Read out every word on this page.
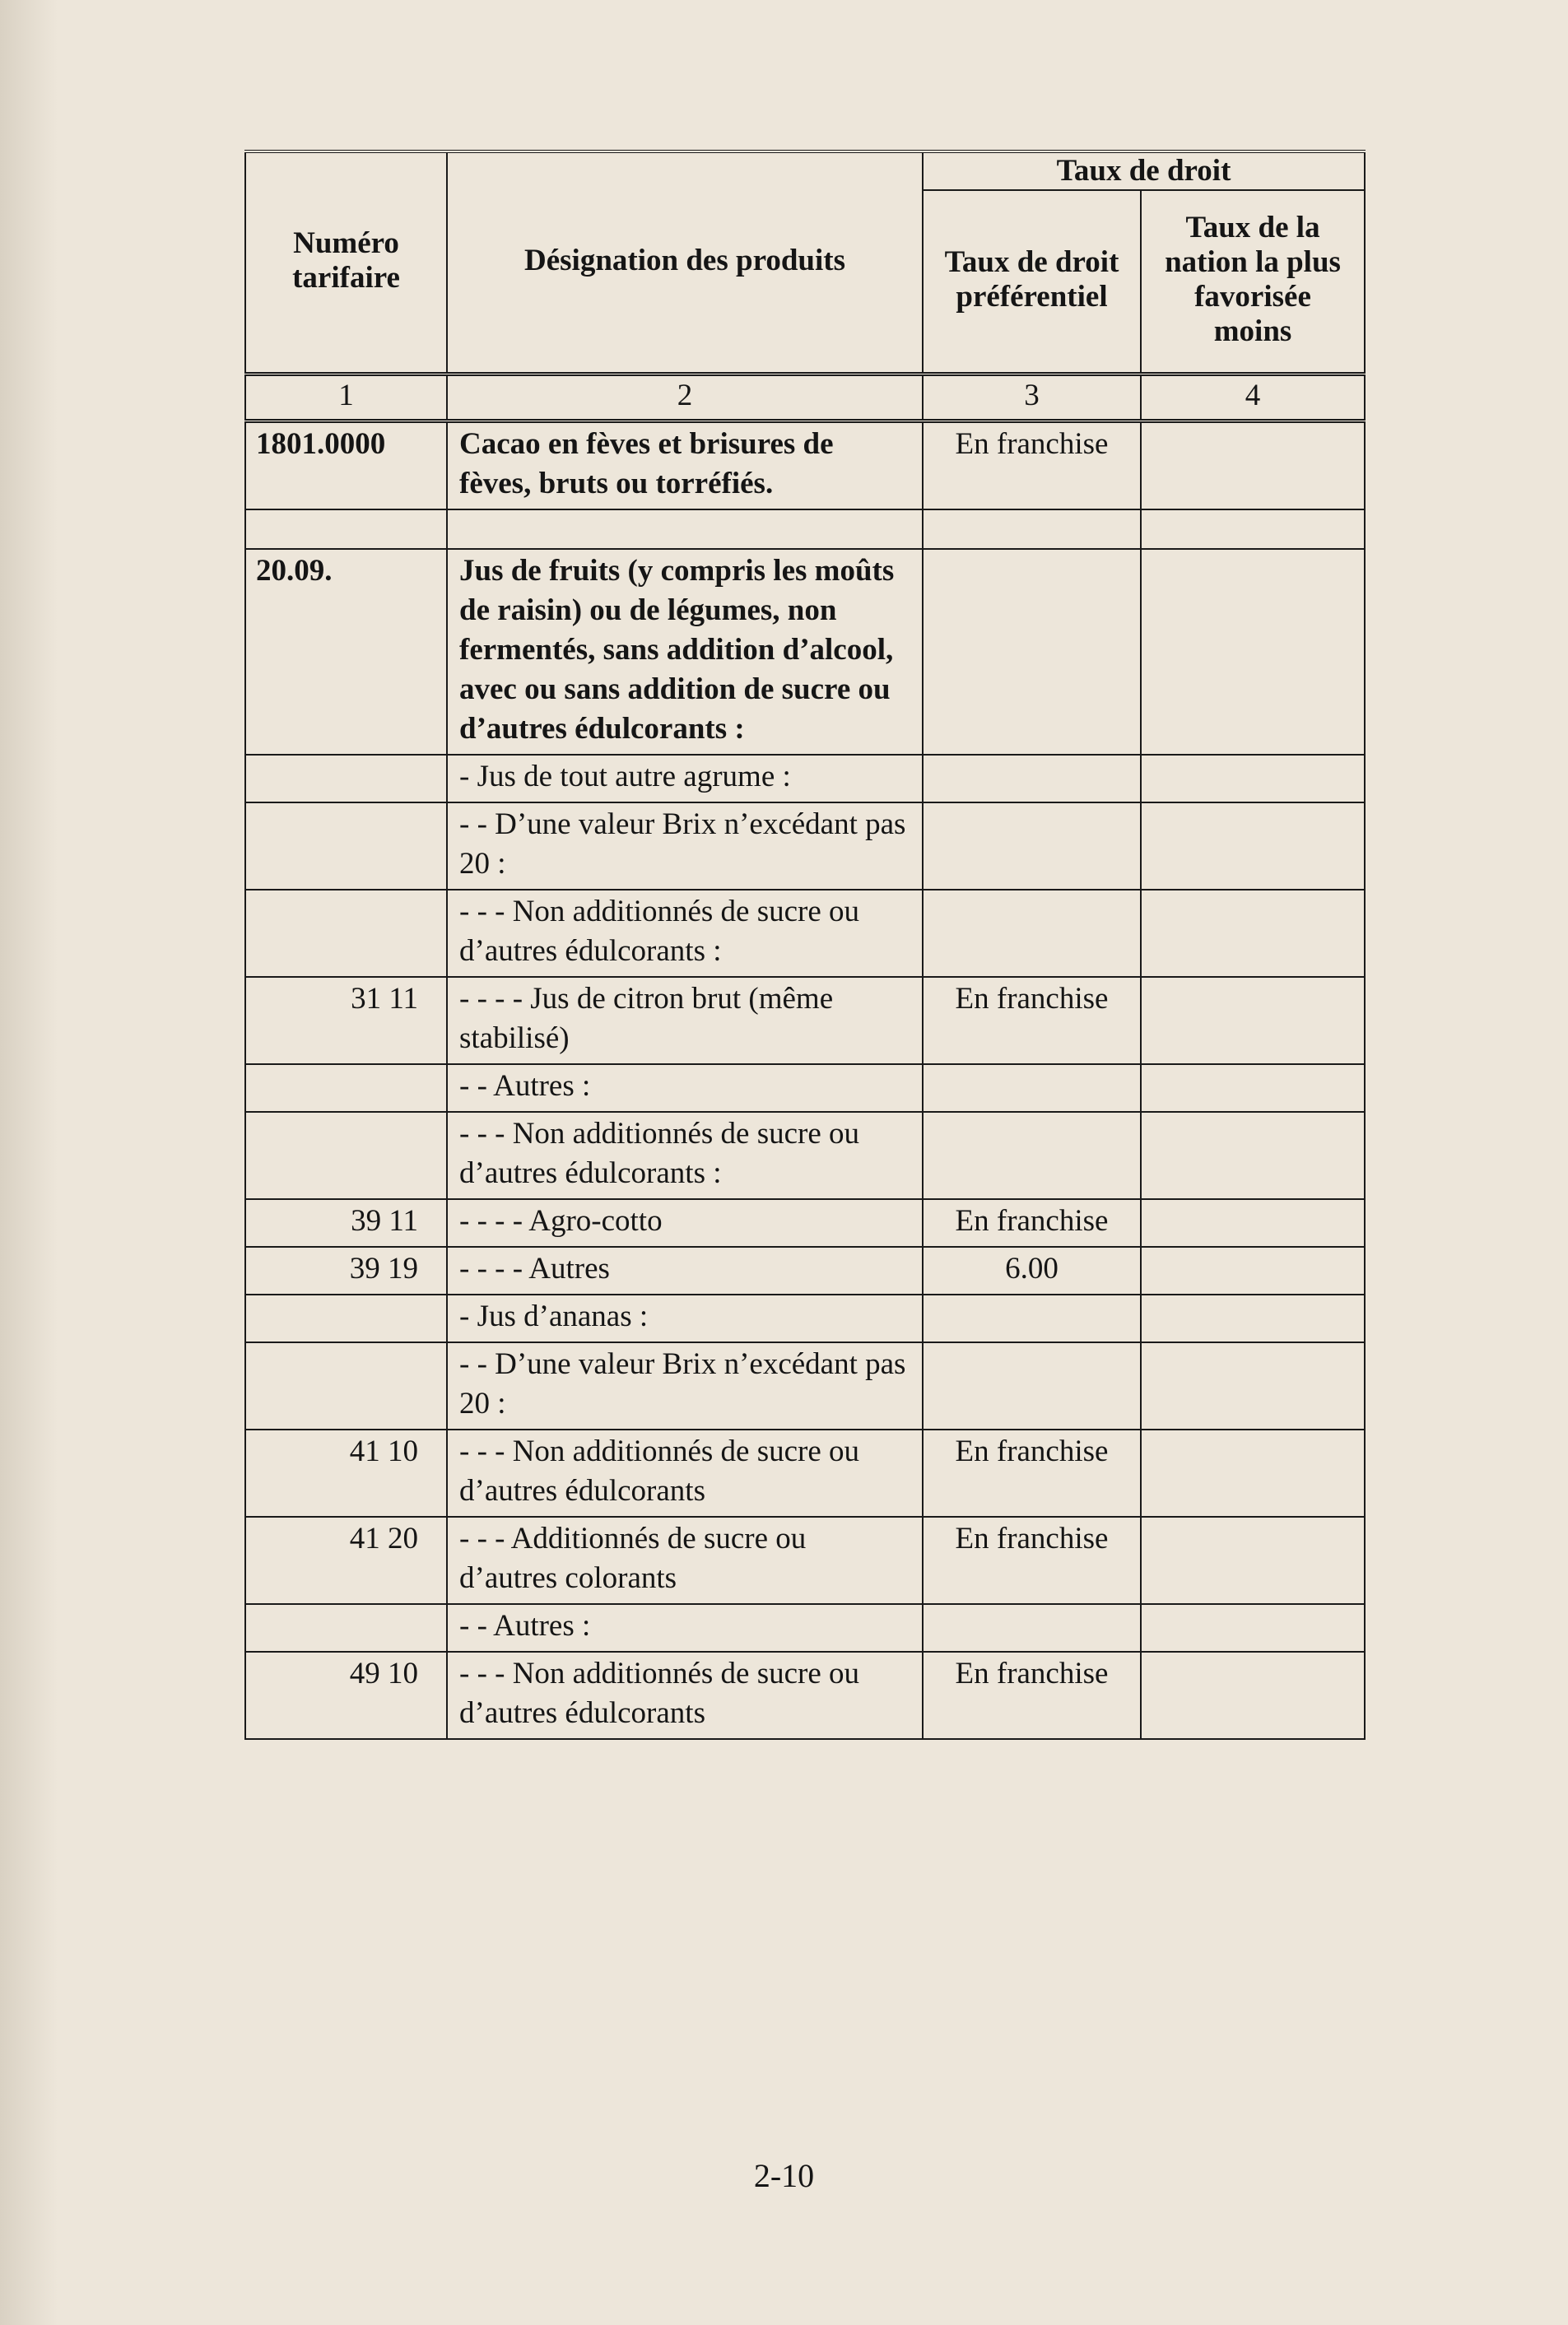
Numéro tarifaire	Désignation des produits	Taux de droit	
		Taux de droit préférentiel	Taux de la nation la plus favorisée moins
1	2	3	4
1801.0000	Cacao en fèves et brisures de fèves, bruts ou torréfiés.	En franchise	

20.09.	Jus de fruits (y compris les moûts de raisin) ou de légumes, non fermentés, sans addition d’alcool, avec ou sans addition de sucre ou d’autres édulcorants :		
	- Jus de tout autre agrume :		
	- - D’une valeur Brix n’excédant pas 20 :		
	- - - Non additionnés de sucre ou d’autres édulcorants :		
31 11	- - - - Jus de citron brut (même stabilisé)	En franchise	
	- - Autres :		
	- - - Non additionnés de sucre ou d’autres édulcorants :		
39 11	- - - - Agro-cotto	En franchise	
39 19	- - - - Autres	6.00	
	- Jus d’ananas :		
	- - D’une valeur Brix n’excédant pas 20 :		
41 10	- - - Non additionnés de sucre ou d’autres édulcorants	En franchise	
41 20	- - - Additionnés de sucre ou d’autres colorants	En franchise	
	- - Autres :		
49 10	- - - Non additionnés de sucre ou d’autres édulcorants	En franchise	
2-10
